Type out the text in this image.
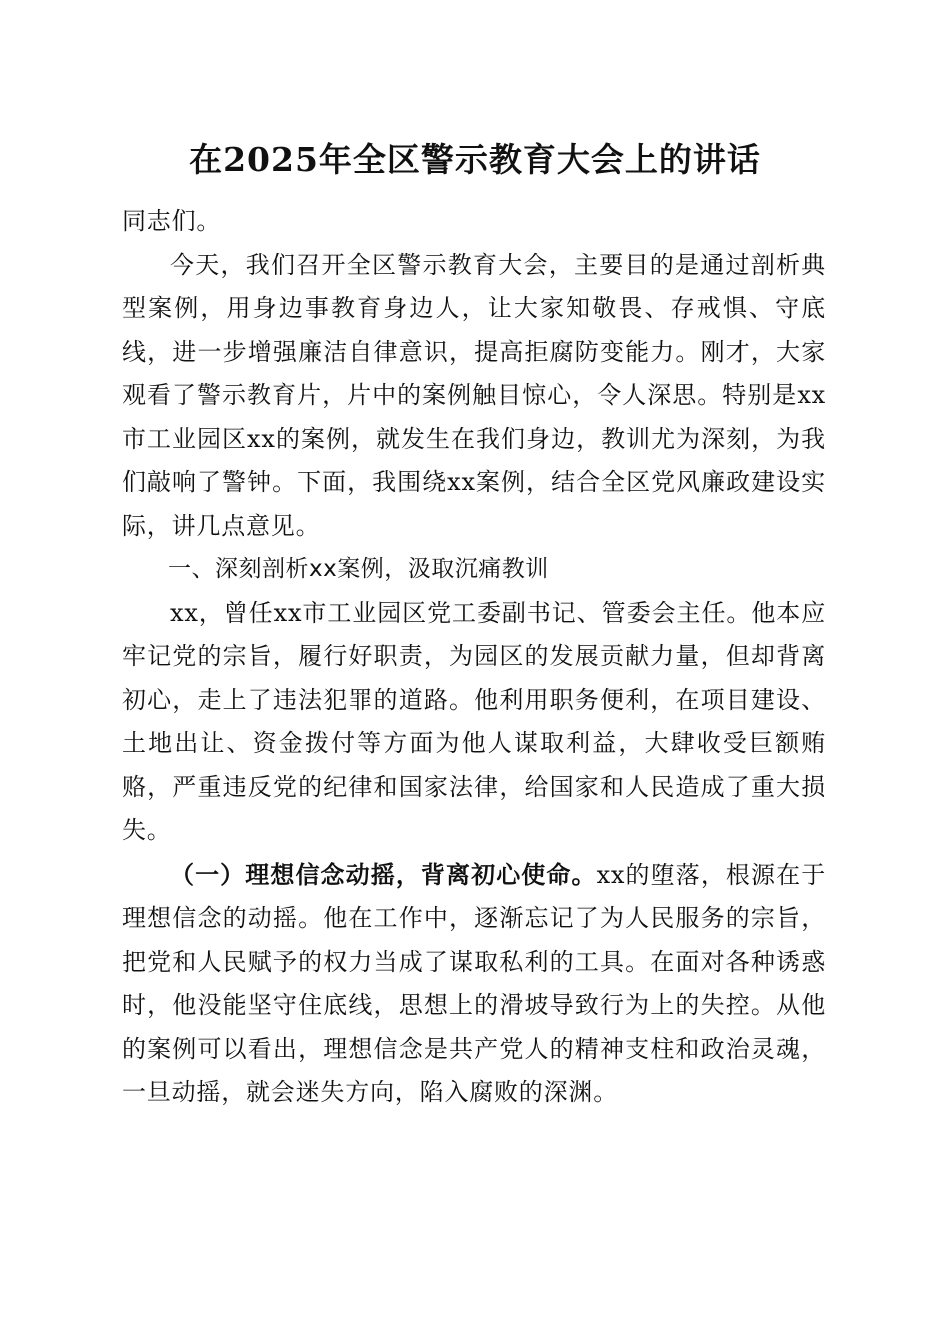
在2025年全区警示教育大会上的讲话

同志们。

今天，我们召开全区警示教育大会，主要目的是通过剖析典型案例，用身边事教育身边人，让大家知敬畏、存戒惧、守底线，进一步增强廉洁自律意识，提高拒腐防变能力。刚才，大家观看了警示教育片，片中的案例触目惊心，令人深思。特别是xx市工业园区xx的案例，就发生在我们身边，教训尤为深刻，为我们敲响了警钟。下面，我围绕xx案例，结合全区党风廉政建设实际，讲几点意见。

一、深刻剖析xx案例，汲取沉痛教训

xx，曾任xx市工业园区党工委副书记、管委会主任。他本应牢记党的宗旨，履行好职责，为园区的发展贡献力量，但却背离初心，走上了违法犯罪的道路。他利用职务便利，在项目建设、土地出让、资金拨付等方面为他人谋取利益，大肆收受巨额贿赂，严重违反党的纪律和国家法律，给国家和人民造成了重大损失。

（一）理想信念动摇，背离初心使命。xx的堕落，根源在于理想信念的动摇。他在工作中，逐渐忘记了为人民服务的宗旨，把党和人民赋予的权力当成了谋取私利的工具。在面对各种诱惑时，他没能坚守住底线，思想上的滑坡导致行为上的失控。从他的案例可以看出，理想信念是共产党人的精神支柱和政治灵魂，一旦动摇，就会迷失方向，陷入腐败的深渊。
